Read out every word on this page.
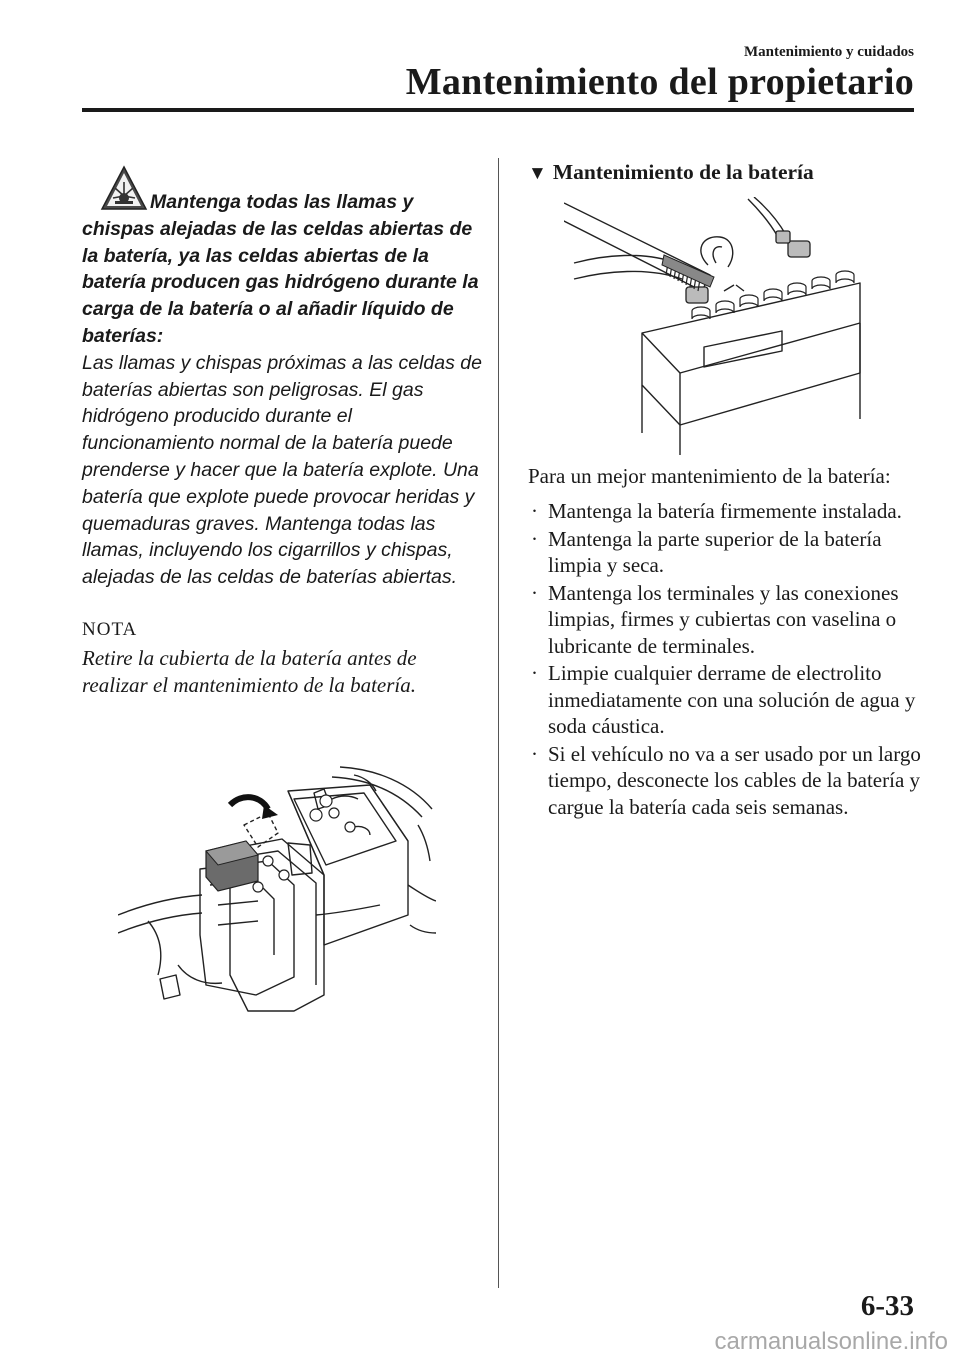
Mantenimiento y cuidados
Mantenimiento del propietario

Mantenga todas las llamas y chispas alejadas de las celdas abiertas de la batería, ya las celdas abiertas de la batería producen gas hidrógeno durante la carga de la batería o al añadir líquido de baterías:
Las llamas y chispas próximas a las celdas de baterías abiertas son peligrosas. El gas hidrógeno producido durante el funcionamiento normal de la batería puede prenderse y hacer que la batería explote. Una batería que explote puede provocar heridas y quemaduras graves. Mantenga todas las llamas, incluyendo los cigarrillos y chispas, alejadas de las celdas de baterías abiertas.

NOTA
Retire la cubierta de la batería antes de realizar el mantenimiento de la batería.
▼ Mantenimiento de la batería
Para un mejor mantenimiento de la batería:
· Mantenga la batería firmemente instalada.
· Mantenga la parte superior de la batería limpia y seca.
· Mantenga los terminales y las conexiones limpias, firmes y cubiertas con vaselina o lubricante de terminales.
· Limpie cualquier derrame de electrolito inmediatamente con una solución de agua y soda cáustica.
· Si el vehículo no va a ser usado por un largo tiempo, desconecte los cables de la batería y cargue la batería cada seis semanas.
6-33
carmanualsonline.info
